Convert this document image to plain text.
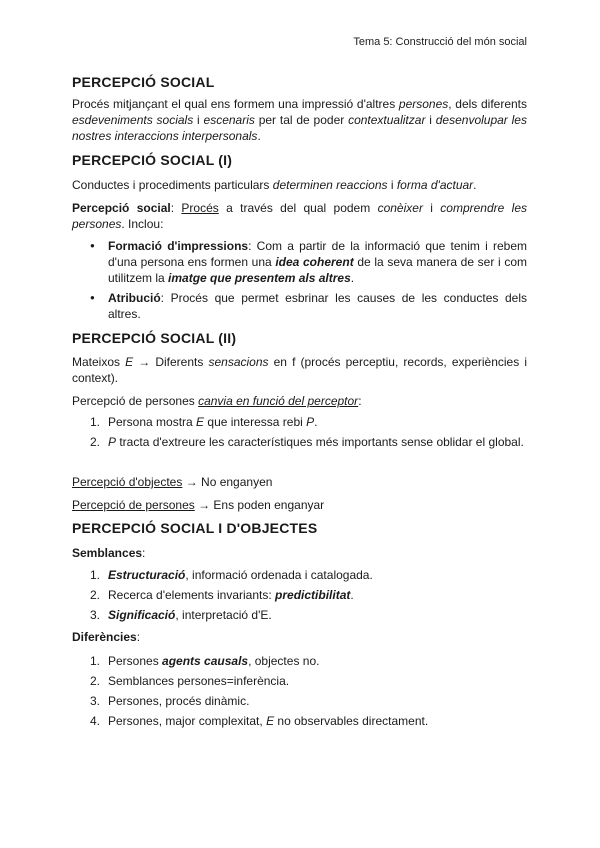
Tema 5: Construcció del món social
PERCEPCIÓ SOCIAL
Procés mitjançant el qual ens formem una impressió d'altres persones, dels diferents esdeveniments socials i escenaris per tal de poder contextualitzar i desenvolupar les nostres interaccions interpersonals.
PERCEPCIÓ SOCIAL (I)
Conductes i procediments particulars determinen reaccions i forma d'actuar.
Percepció social: Procés a través del qual podem conèixer i comprendre les persones. Inclou:
● Formació d'impressions: Com a partir de la informació que tenim i rebem d'una persona ens formen una idea coherent de la seva manera de ser i com utilitzem la imatge que presentem als altres.
● Atribució: Procés que permet esbrinar les causes de les conductes dels altres.
PERCEPCIÓ SOCIAL (II)
Mateixos E → Diferents sensacions en f (procés perceptiu, records, experiències i context).
Percepció de persones canvia en funció del perceptor:
1. Persona mostra E que interessa rebi P.
2. P tracta d'extreure les característiques més importants sense oblidar el global.
Percepció d'objectes → No enganyen
Percepció de persones → Ens poden enganyar
PERCEPCIÓ SOCIAL I D'OBJECTES
Semblances:
1. Estructuració, informació ordenada i catalogada.
2. Recerca d'elements invariants: predictibilitat.
3. Significació, interpretació d'E.
Diferències:
1. Persones agents causals, objectes no.
2. Semblances persones=inferència.
3. Persones, procés dinàmic.
4. Persones, major complexitat, E no observables directament.
